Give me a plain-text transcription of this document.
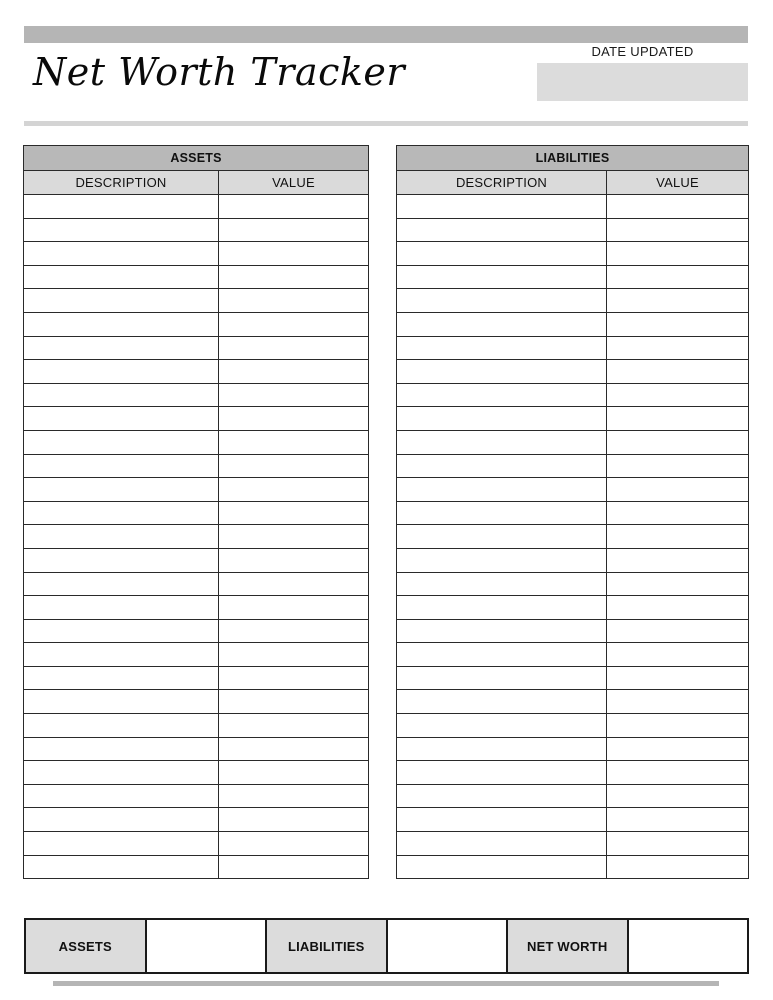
Net Worth Tracker	DATE UPDATED
ASSETS	
DESCRIPTION	VALUE

LIABILITIES	
DESCRIPTION	VALUE

ASSETS		LIABILITIES		NET WORTH	
